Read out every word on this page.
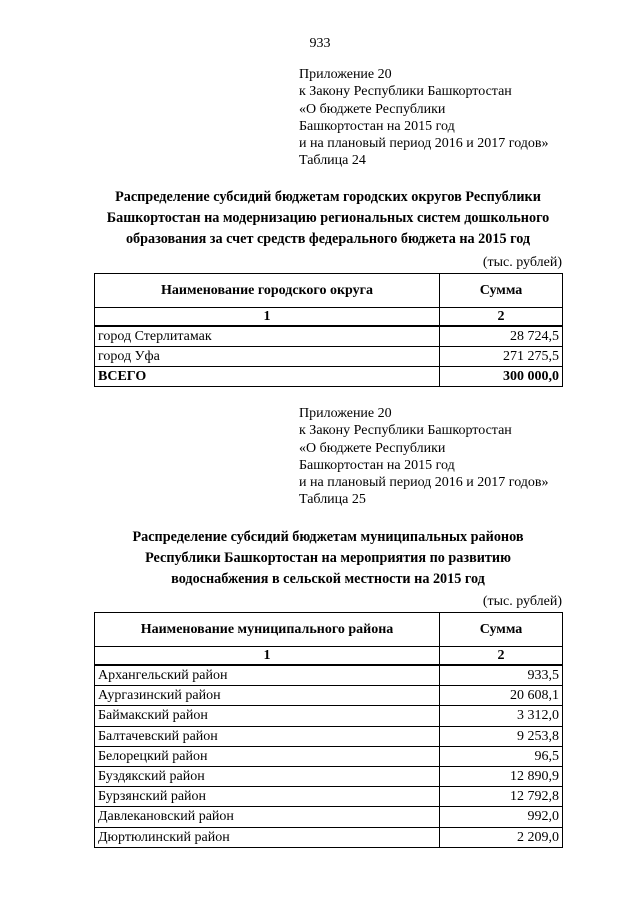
933
Приложение 20
к Закону Республики Башкортостан
«О бюджете Республики
Башкортостан на 2015 год
и на плановый период 2016 и 2017 годов»
Таблица 24
Распределение субсидий бюджетам городских округов Республики
Башкортостан на модернизацию региональных систем дошкольного
образования за счет средств федерального бюджета на 2015 год
(тыс. рублей)
Наименование городского округа	Сумма
1	2
город Стерлитамак	28 724,5
город Уфа	271 275,5
ВСЕГО	300 000,0
Приложение 20
к Закону Республики Башкортостан
«О бюджете Республики
Башкортостан на 2015 год
и на плановый период 2016 и 2017 годов»
Таблица 25
Распределение субсидий бюджетам муниципальных районов
Республики Башкортостан на мероприятия по развитию
водоснабжения в сельской местности на 2015 год
(тыс. рублей)
Наименование муниципального района	Сумма
1	2
Архангельский район	933,5
Аургазинский район	20 608,1
Баймакский район	3 312,0
Балтачевский район	9 253,8
Белорецкий район	96,5
Буздякский район	12 890,9
Бурзянский район	12 792,8
Давлекановский район	992,0
Дюртюлинский район	2 209,0
